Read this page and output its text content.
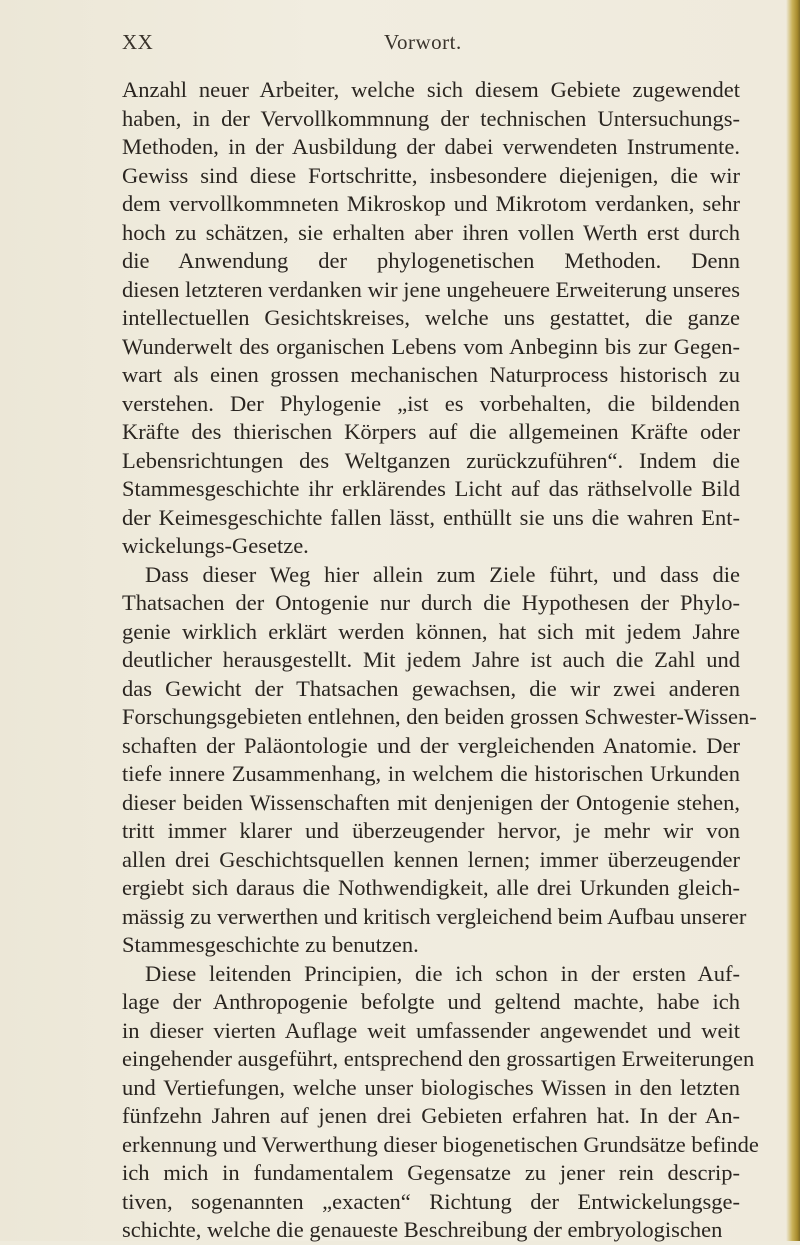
XX	Vorwort.
Anzahl neuer Arbeiter, welche sich diesem Gebiete zugewendet
haben, in der Vervollkommnung der technischen Untersuchungs-
Methoden, in der Ausbildung der dabei verwendeten Instrumente.
Gewiss sind diese Fortschritte, insbesondere diejenigen, die wir
dem vervollkommneten Mikroskop und Mikrotom verdanken, sehr
hoch zu schätzen, sie erhalten aber ihren vollen Werth erst durch
die Anwendung der phylogenetischen Methoden. Denn
diesen letzteren verdanken wir jene ungeheuere Erweiterung unseres
intellectuellen Gesichtskreises, welche uns gestattet, die ganze
Wunderwelt des organischen Lebens vom Anbeginn bis zur Gegen-
wart als einen grossen mechanischen Naturprocess historisch zu
verstehen. Der Phylogenie „ist es vorbehalten, die bildenden
Kräfte des thierischen Körpers auf die allgemeinen Kräfte oder
Lebensrichtungen des Weltganzen zurückzuführen“. Indem die
Stammesgeschichte ihr erklärendes Licht auf das räthselvolle Bild
der Keimesgeschichte fallen lässt, enthüllt sie uns die wahren Ent-
wickelungs-Gesetze.
Dass dieser Weg hier allein zum Ziele führt, und dass die
Thatsachen der Ontogenie nur durch die Hypothesen der Phylo-
genie wirklich erklärt werden können, hat sich mit jedem Jahre
deutlicher herausgestellt. Mit jedem Jahre ist auch die Zahl und
das Gewicht der Thatsachen gewachsen, die wir zwei anderen
Forschungsgebieten entlehnen, den beiden grossen Schwester-Wissen-
schaften der Paläontologie und der vergleichenden Anatomie. Der
tiefe innere Zusammenhang, in welchem die historischen Urkunden
dieser beiden Wissenschaften mit denjenigen der Ontogenie stehen,
tritt immer klarer und überzeugender hervor, je mehr wir von
allen drei Geschichtsquellen kennen lernen; immer überzeugender
ergiebt sich daraus die Nothwendigkeit, alle drei Urkunden gleich-
mässig zu verwerthen und kritisch vergleichend beim Aufbau unserer
Stammesgeschichte zu benutzen.
Diese leitenden Principien, die ich schon in der ersten Auf-
lage der Anthropogenie befolgte und geltend machte, habe ich
in dieser vierten Auflage weit umfassender angewendet und weit
eingehender ausgeführt, entsprechend den grossartigen Erweiterungen
und Vertiefungen, welche unser biologisches Wissen in den letzten
fünfzehn Jahren auf jenen drei Gebieten erfahren hat. In der An-
erkennung und Verwerthung dieser biogenetischen Grundsätze befinde
ich mich in fundamentalem Gegensatze zu jener rein descrip-
tiven, sogenannten „exacten“ Richtung der Entwickelungsge-
schichte, welche die genaueste Beschreibung der embryologischen
